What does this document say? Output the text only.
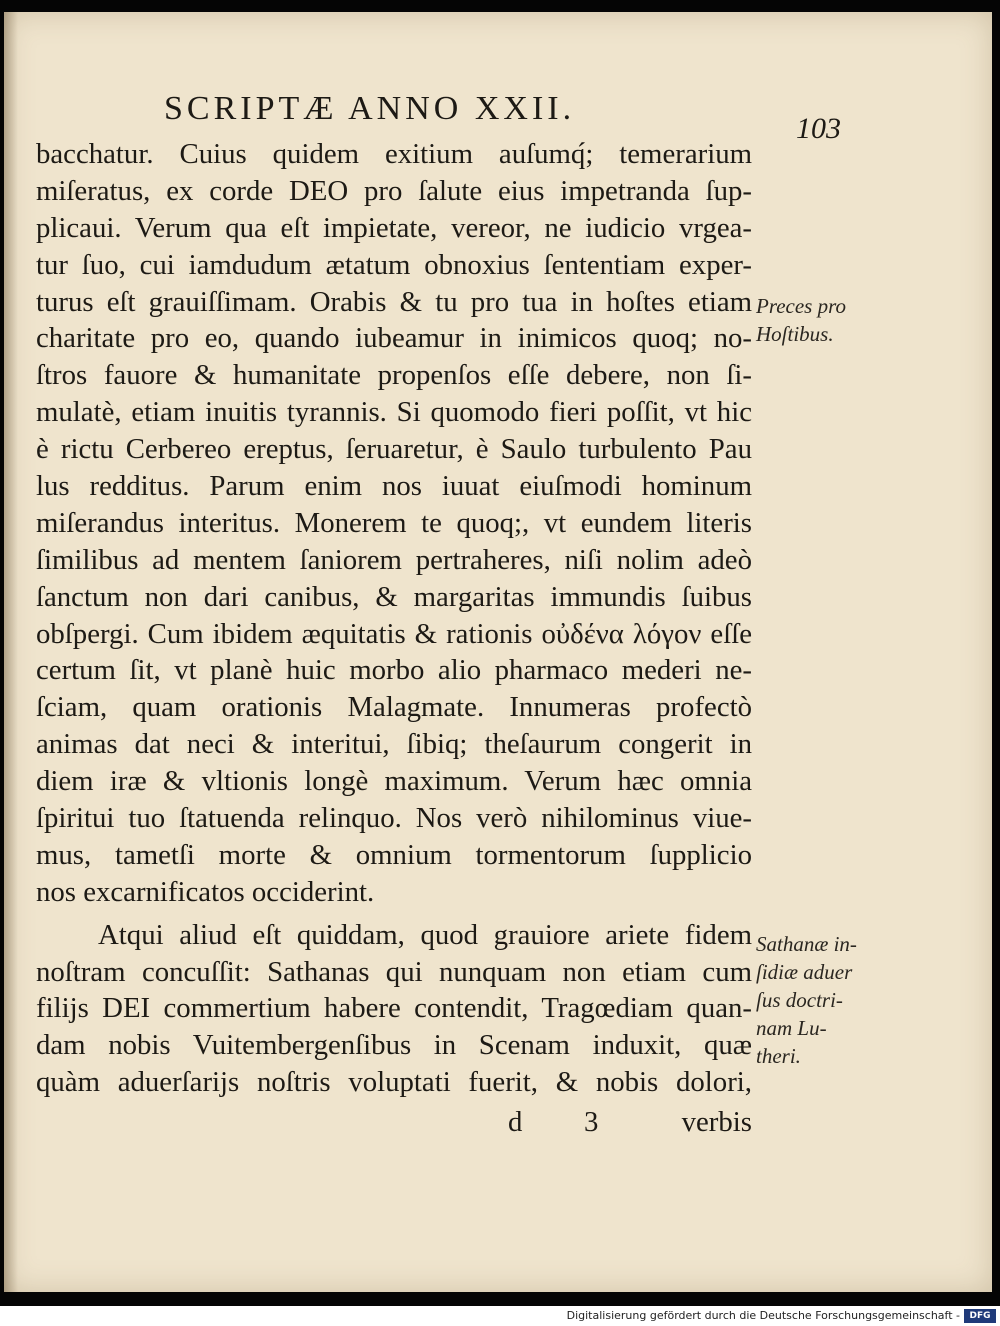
SCRIPTÆ ANNO XXII.
103
bacchatur. Cuius quidem exitium auſumq́; temerarium
miſeratus, ex corde DEO pro ſalute eius impetranda ſup-
plicaui. Verum qua eſt impietate, vereor, ne iudicio vrgea-
tur ſuo, cui iamdudum ætatum obnoxius ſententiam exper-
turus eſt grauiſſimam. Orabis & tu pro tua in hoſtes etiam
charitate pro eo, quando iubeamur in inimicos quoq; no-
ſtros fauore & humanitate propenſos eſſe debere, non ſi-
mulatè, etiam inuitis tyrannis. Si quomodo fieri poſſit, vt hic
è rictu Cerbereo ereptus, ſeruaretur, è Saulo turbulento Pau
lus redditus. Parum enim nos iuuat eiuſmodi hominum
miſerandus interitus. Monerem te quoq;, vt eundem literis
ſimilibus ad mentem ſaniorem pertraheres, niſi nolim adeò
ſanctum non dari canibus, & margaritas immundis ſuibus
obſpergi. Cum ibidem æquitatis & rationis οὐδένα λόγον eſſe
certum ſit, vt planè huic morbo alio pharmaco mederi ne-
ſciam, quam orationis Malagmate. Innumeras profectò
animas dat neci & interitui, ſibiq; theſaurum congerit in
diem iræ & vltionis longè maximum. Verum hæc omnia
ſpiritui tuo ſtatuenda relinquo. Nos verò nihilominus viue-
mus, tametſi morte & omnium tormentorum ſupplicio
nos excarnificatos occiderint.
Atqui aliud eſt quiddam, quod grauiore ariete fidem
noſtram concuſſit: Sathanas qui nunquam non etiam cum
filijs DEI commertium habere contendit, Tragœdiam quan-
dam nobis Vuitembergenſibus in Scenam induxit, quæ
quàm aduerſarijs noſtris voluptati fuerit, & nobis dolori,
d 3	verbis
Preces pro
Hoſtibus.
Sathanæ in-
ſidiæ aduer
ſus doctri-
nam Lu-
theri.
Digitalisierung gefördert durch die Deutsche Forschungsgemeinschaft -	DFG
